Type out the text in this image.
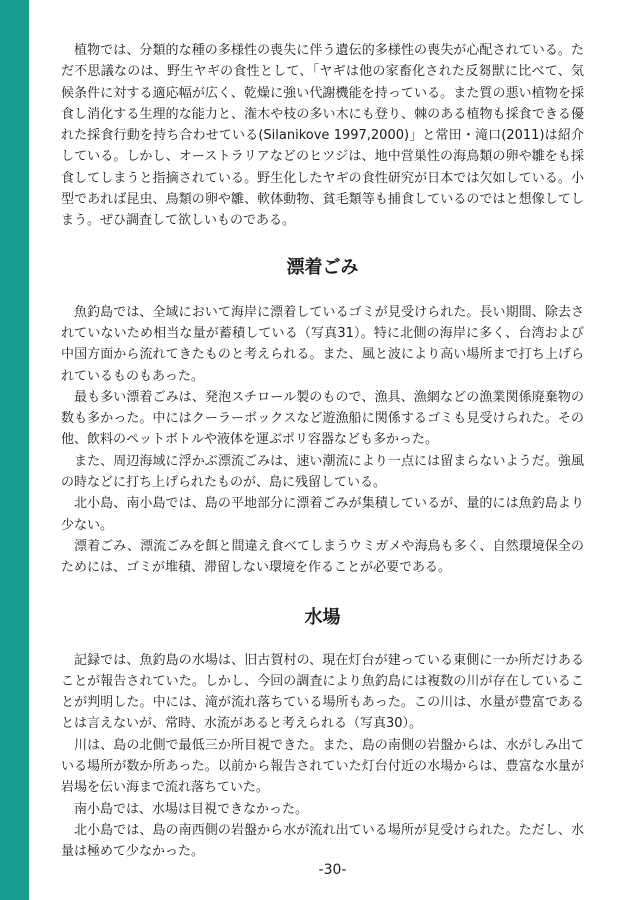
植物では、分類的な種の多様性の喪失に伴う遺伝的多様性の喪失が心配されている。ただ不思議なのは、野生ヤギの食性として、「ヤギは他の家畜化された反芻獣に比べて、気候条件に対する適応幅が広く、乾燥に強い代謝機能を持っている。また質の悪い植物を採食し消化する生理的な能力と、潅木や枝の多い木にも登り、棘のある植物も採食できる優れた採食行動を持ち合わせている(Silanikove 1997,2000)」と常田・滝口(2011)は紹介している。しかし、オーストラリアなどのヒツジは、地中営巣性の海鳥類の卵や雛をも採食してしまうと指摘されている。野生化したヤギの食性研究が日本では欠如している。小型であれば昆虫、鳥類の卵や雛、軟体動物、貧毛類等も捕食しているのではと想像してしまう。ぜひ調査して欲しいものである。

漂着ごみ

魚釣島では、全域において海岸に漂着しているゴミが見受けられた。長い期間、除去されていないため相当な量が蓄積している（写真31）。特に北側の海岸に多く、台湾および中国方面から流れてきたものと考えられる。また、風と波により高い場所まで打ち上げられているものもあった。

最も多い漂着ごみは、発泡スチロール製のもので、漁具、漁網などの漁業関係廃棄物の数も多かった。中にはクーラーボックスなど遊漁船に関係するゴミも見受けられた。その他、飲料のペットボトルや液体を運ぶポリ容器なども多かった。

また、周辺海域に浮かぶ漂流ごみは、速い潮流により一点には留まらないようだ。強風の時などに打ち上げられたものが、島に残留している。

北小島、南小島では、島の平地部分に漂着ごみが集積しているが、量的には魚釣島より少ない。

漂着ごみ、漂流ごみを餌と間違え食べてしまうウミガメや海鳥も多く、自然環境保全のためには、ゴミが堆積、滞留しない環境を作ることが必要である。

水場

記録では、魚釣島の水場は、旧古賀村の、現在灯台が建っている東側に一か所だけあることが報告されていた。しかし、今回の調査により魚釣島には複数の川が存在していることが判明した。中には、滝が流れ落ちている場所もあった。この川は、水量が豊富であるとは言えないが、常時、水流があると考えられる（写真30）。

川は、島の北側で最低三か所目視できた。また、島の南側の岩盤からは、水がしみ出ている場所が数か所あった。以前から報告されていた灯台付近の水場からは、豊富な水量が岩場を伝い海まで流れ落ちていた。

南小島では、水場は目視できなかった。

北小島では、島の南西側の岩盤から水が流れ出ている場所が見受けられた。ただし、水量は極めて少なかった。

-30-
